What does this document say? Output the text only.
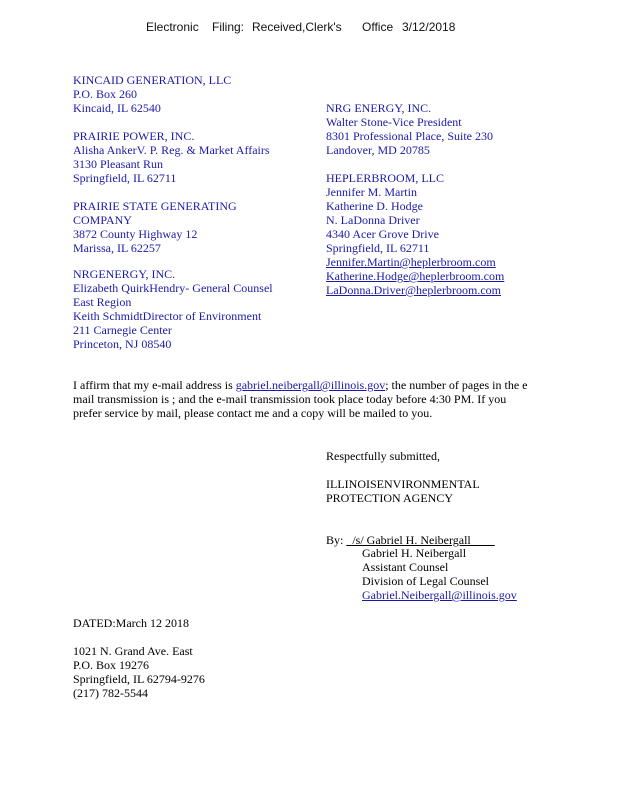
Electronic Filing: Received,Clerk's Office 3/12/2018
KINCAID GENERATION, LLC
P.O. Box 260
Kincaid, IL 62540
PRAIRIE POWER, INC.
Alisha AnkerV. P. Reg. & Market Affairs
3130 Pleasant Run
Springfield, IL 62711
PRAIRIE STATE GENERATING
COMPANY
3872 County Highway 12
Marissa, IL 62257
NRGENERGY, INC.
Elizabeth QuirkHendry- General Counsel
East Region
Keith SchmidtDirector of Environment
211 Carnegie Center
Princeton, NJ 08540
NRG ENERGY, INC.
Walter Stone-Vice President
8301 Professional Place, Suite 230
Landover, MD 20785
HEPLERBROOM, LLC
Jennifer M. Martin
Katherine D. Hodge
N. LaDonna Driver
4340 Acer Grove Drive
Springfield, IL 62711
Jennifer.Martin@heplerbroom.com
Katherine.Hodge@heplerbroom.com
LaDonna.Driver@heplerbroom.com
I affirm that my e-mail address is gabriel.neibergall@illinois.gov; the number of pages in the e
mail transmission is ; and the e-mail transmission took place today before 4:30 PM. If you
prefer service by mail, please contact me and a copy will be mailed to you.
Respectfully submitted,
ILLINOISENVIRONMENTAL
PROTECTION AGENCY
By:   /s/ Gabriel H. Neibergall
Gabriel H. Neibergall
Assistant Counsel
Division of Legal Counsel
Gabriel.Neibergall@illinois.gov
DATED:March 12 2018
1021 N. Grand Ave. East
P.O. Box 19276
Springfield, IL 62794-9276
(217) 782-5544
